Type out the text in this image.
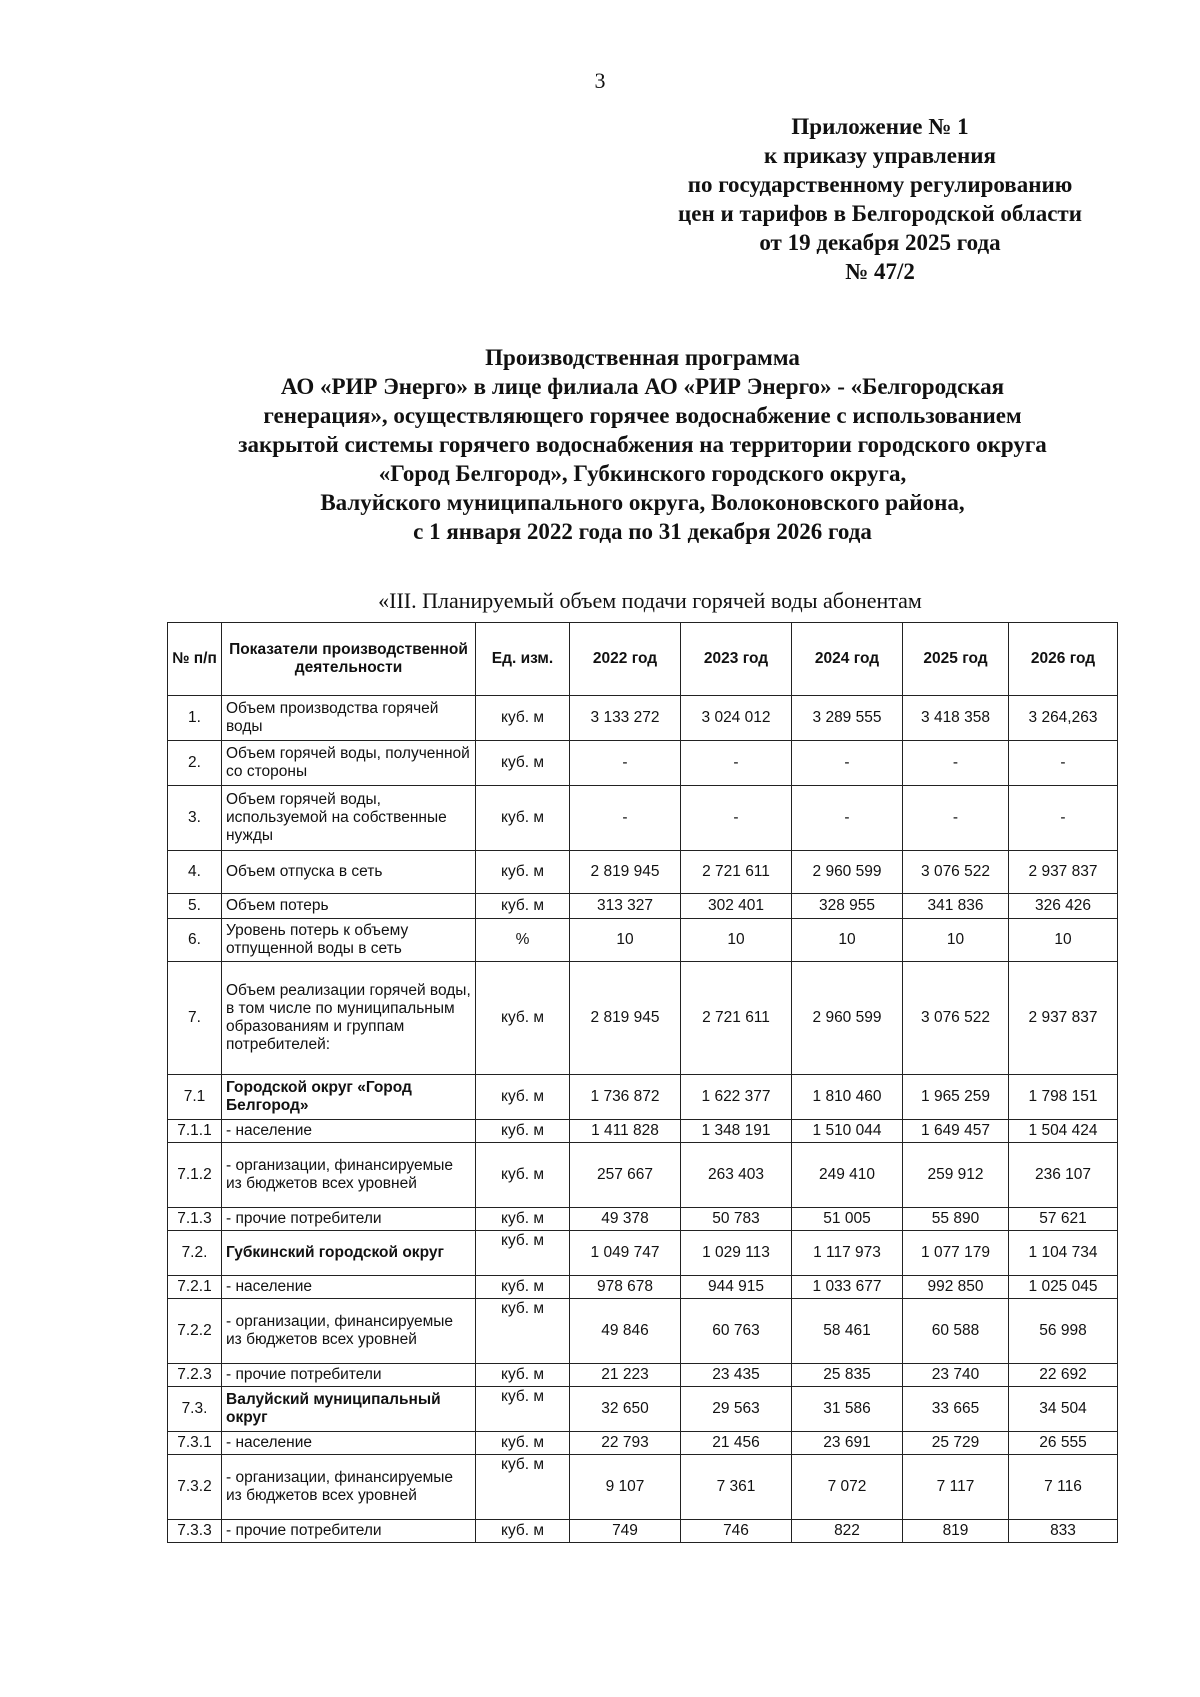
3
Приложение № 1
к приказу управления
по государственному регулированию
цен и тарифов в Белгородской области
от 19 декабря 2025 года
№ 47/2
Производственная программа
АО «РИР Энерго» в лице филиала АО «РИР Энерго» - «Белгородская
генерация», осуществляющего горячее водоснабжение с использованием
закрытой системы горячего водоснабжения на территории городского округа
«Город Белгород», Губкинского городского округа,
Валуйского муниципального округа, Волоконовского района,
с 1 января 2022 года по 31 декабря 2026 года
«III. Планируемый объем подачи горячей воды абонентам
№ п/п	Показатели производственной деятельности	Ед. изм.	2022 год	2023 год	2024 год	2025 год	2026 год
1.	Объем производства горячей воды	куб. м	3 133 272	3 024 012	3 289 555	3 418 358	3 264,263
2.	Объем горячей воды, полученной со стороны	куб. м	-	-	-	-	-
3.	Объем горячей воды, используемой на собственные нужды	куб. м	-	-	-	-	-
4.	Объем отпуска в сеть	куб. м	2 819 945	2 721 611	2 960 599	3 076 522	2 937 837
5.	Объем потерь	куб. м	313 327	302 401	328 955	341 836	326 426
6.	Уровень потерь к объему отпущенной воды в сеть	%	10	10	10	10	10
7.	Объем реализации горячей воды, в том числе по муниципальным образованиям и группам потребителей:	куб. м	2 819 945	2 721 611	2 960 599	3 076 522	2 937 837
7.1	Городской округ «Город Белгород»	куб. м	1 736 872	1 622 377	1 810 460	1 965 259	1 798 151
7.1.1	- население	куб. м	1 411 828	1 348 191	1 510 044	1 649 457	1 504 424
7.1.2	- организации, финансируемые из бюджетов всех уровней	куб. м	257 667	263 403	249 410	259 912	236 107
7.1.3	- прочие потребители	куб. м	49 378	50 783	51 005	55 890	57 621
7.2.	Губкинский городской округ	куб. м	1 049 747	1 029 113	1 117 973	1 077 179	1 104 734
7.2.1	- население	куб. м	978 678	944 915	1 033 677	992 850	1 025 045
7.2.2	- организации, финансируемые из бюджетов всех уровней	куб. м	49 846	60 763	58 461	60 588	56 998
7.2.3	- прочие потребители	куб. м	21 223	23 435	25 835	23 740	22 692
7.3.	Валуйский муниципальный округ	куб. м	32 650	29 563	31 586	33 665	34 504
7.3.1	- население	куб. м	22 793	21 456	23 691	25 729	26 555
7.3.2	- организации, финансируемые из бюджетов всех уровней	куб. м	9 107	7 361	7 072	7 117	7 116
7.3.3	- прочие потребители	куб. м	749	746	822	819	833
